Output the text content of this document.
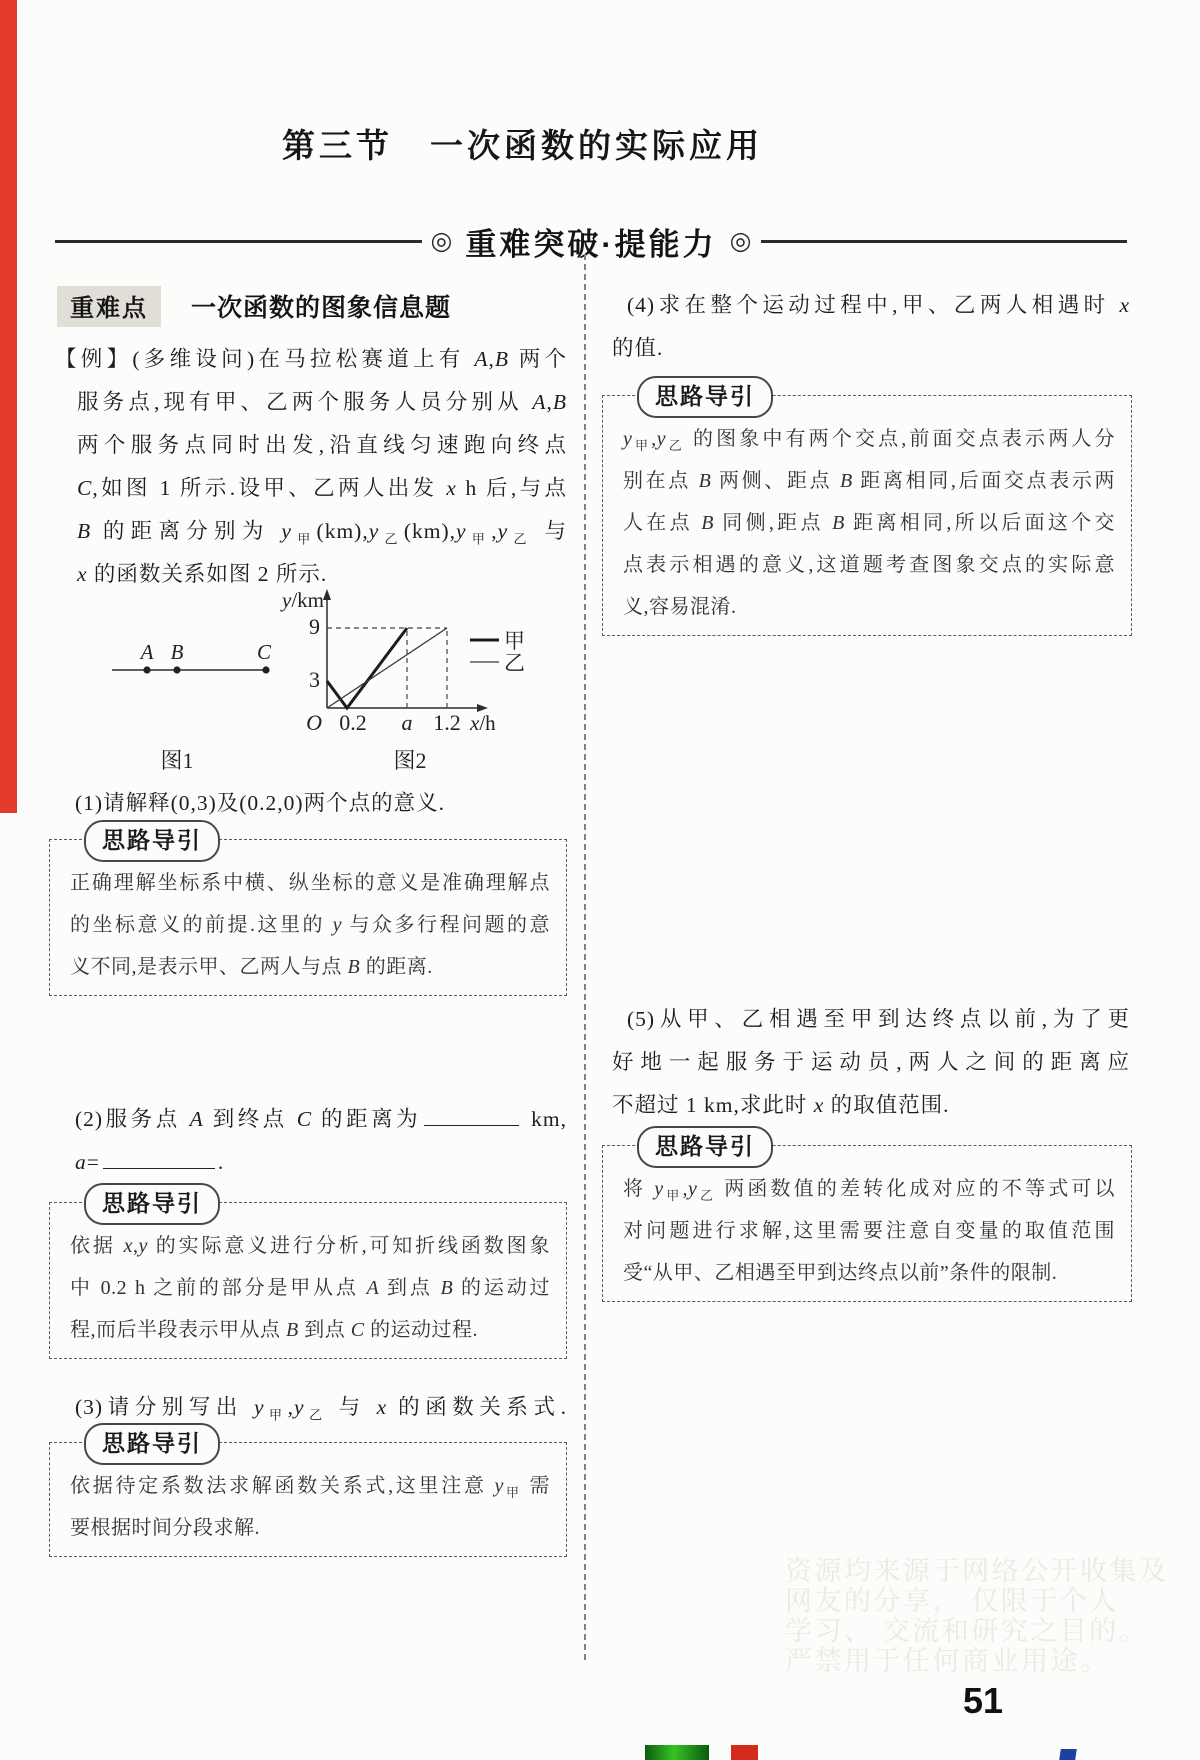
第三节　一次函数的实际应用
◎ 重难突破·提能力 ◎
重难点 一次函数的图象信息题
【例】(多维设问)在马拉松赛道上有 A,B 两个
服务点,现有甲、乙两个服务人员分别从 A,B
两个服务点同时出发,沿直线匀速跑向终点
C,如图 1 所示.设甲、乙两人出发 x h 后,与点
B 的距离分别为 $y_甲(km),y_乙(km),y_甲,y_乙$ 与
x 的函数关系如图 2 所示.
A B	C
图1
9
3
O 0.2 a 1.2
y/km
x/h
甲
乙
图2
(1)请解释(0,3)及(0.2,0)两个点的意义.
思路导引
正确理解坐标系中横、纵坐标的意义是准确理解点
的坐标意义的前提.这里的 y 与众多行程问题的意
义不同,是表示甲、乙两人与点 B 的距离.
(2)服务点 A 到终点 C 的距离为	km,
a=	.
思路导引
依据 x,y 的实际意义进行分析,可知折线函数图象
中 0.2 h 之前的部分是甲从点 A 到点 B 的运动过
程,而后半段表示甲从点 B 到点 C 的运动过程.
(3)请分别写出 $y_甲,y_乙$ 与 x 的函数关系式.
思路导引
依据待定系数法求解函数关系式,这里注意 $y_甲$ 需
要根据时间分段求解.
(4)求在整个运动过程中,甲、乙两人相遇时 x
的值.
思路导引
$y_甲,y_乙$ 的图象中有两个交点,前面交点表示两人分
别在点 B 两侧、距点 B 距离相同,后面交点表示两
人在点 B 同侧,距点 B 距离相同,所以后面这个交
点表示相遇的意义,这道题考查图象交点的实际意
义,容易混淆.
(5)从甲、乙相遇至甲到达终点以前,为了更
好地一起服务于运动员,两人之间的距离应
不超过 1 km,求此时 x 的取值范围.
思路导引
将 $y_甲,y_乙$ 两函数值的差转化成对应的不等式可以
对问题进行求解,这里需要注意自变量的取值范围
受“从甲、乙相遇至甲到达终点以前”条件的限制.
资源均来源于网络公开收集及
网友的分享， 仅限于个人
学习、 交流和研究之目的。
严禁用于任何商业用途。
51
